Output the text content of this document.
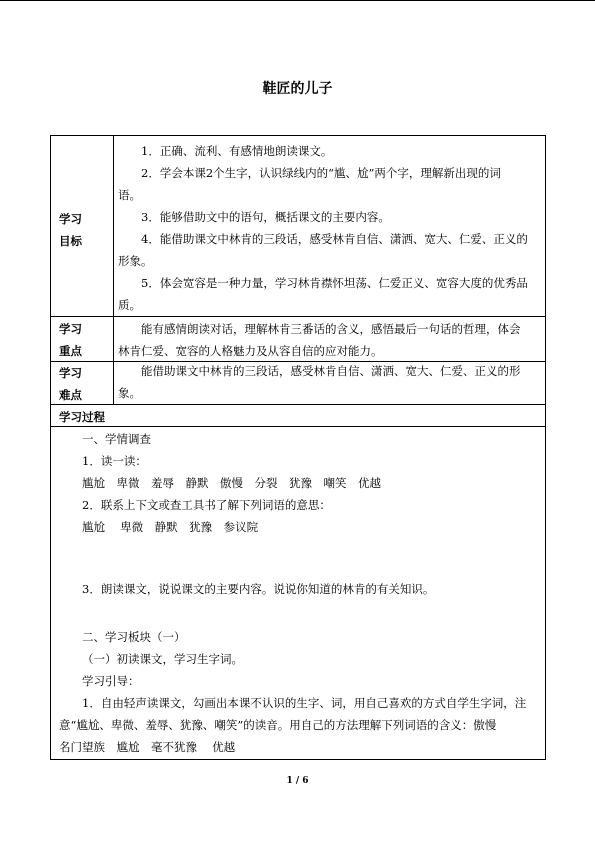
鞋匠的儿子
学习
目标

1．正确、流利、有感情地朗读课文。

2．学会本课2个生字，认识绿线内的“尴、尬”两个字，理解新出现的词

语。

3．能够借助文中的语句，概括课文的主要内容。

4．能借助课文中林肯的三段话，感受林肯自信、潇洒、宽大、仁爱、正义的

形象。

5．体会宽容是一种力量，学习林肯襟怀坦荡、仁爱正义、宽容大度的优秀品

质。

学习
重点

能有感情朗读对话，理解林肯三番话的含义，感悟最后一句话的哲理，体会

林肯仁爱、宽容的人格魅力及从容自信的应对能力。

学习
难点

能借助课文中林肯的三段话，感受林肯自信、潇洒、宽大、仁爱、正义的形

象。

学习过程

一、学情调查

1．读一读：

尴尬　卑微　羞辱　静默　傲慢　分裂　犹豫　嘲笑　优越

2．联系上下文或查工具书了解下列词语的意思：

尴尬　 卑微　静默　犹豫　参议院

3．朗读课文，说说课文的主要内容。说说你知道的林肯的有关知识。

二、学习板块（一）

（一）初读课文，学习生字词。

学习引导：

1．自由轻声读课文，勾画出本课不认识的生字、词，用自己喜欢的方式自学生字词，注

意“尴尬、卑微、羞辱、犹豫、嘲笑”的读音。用自己的方法理解下列词语的含义：傲慢

名门望族　尴尬　毫不犹豫　 优越

1 / 6
